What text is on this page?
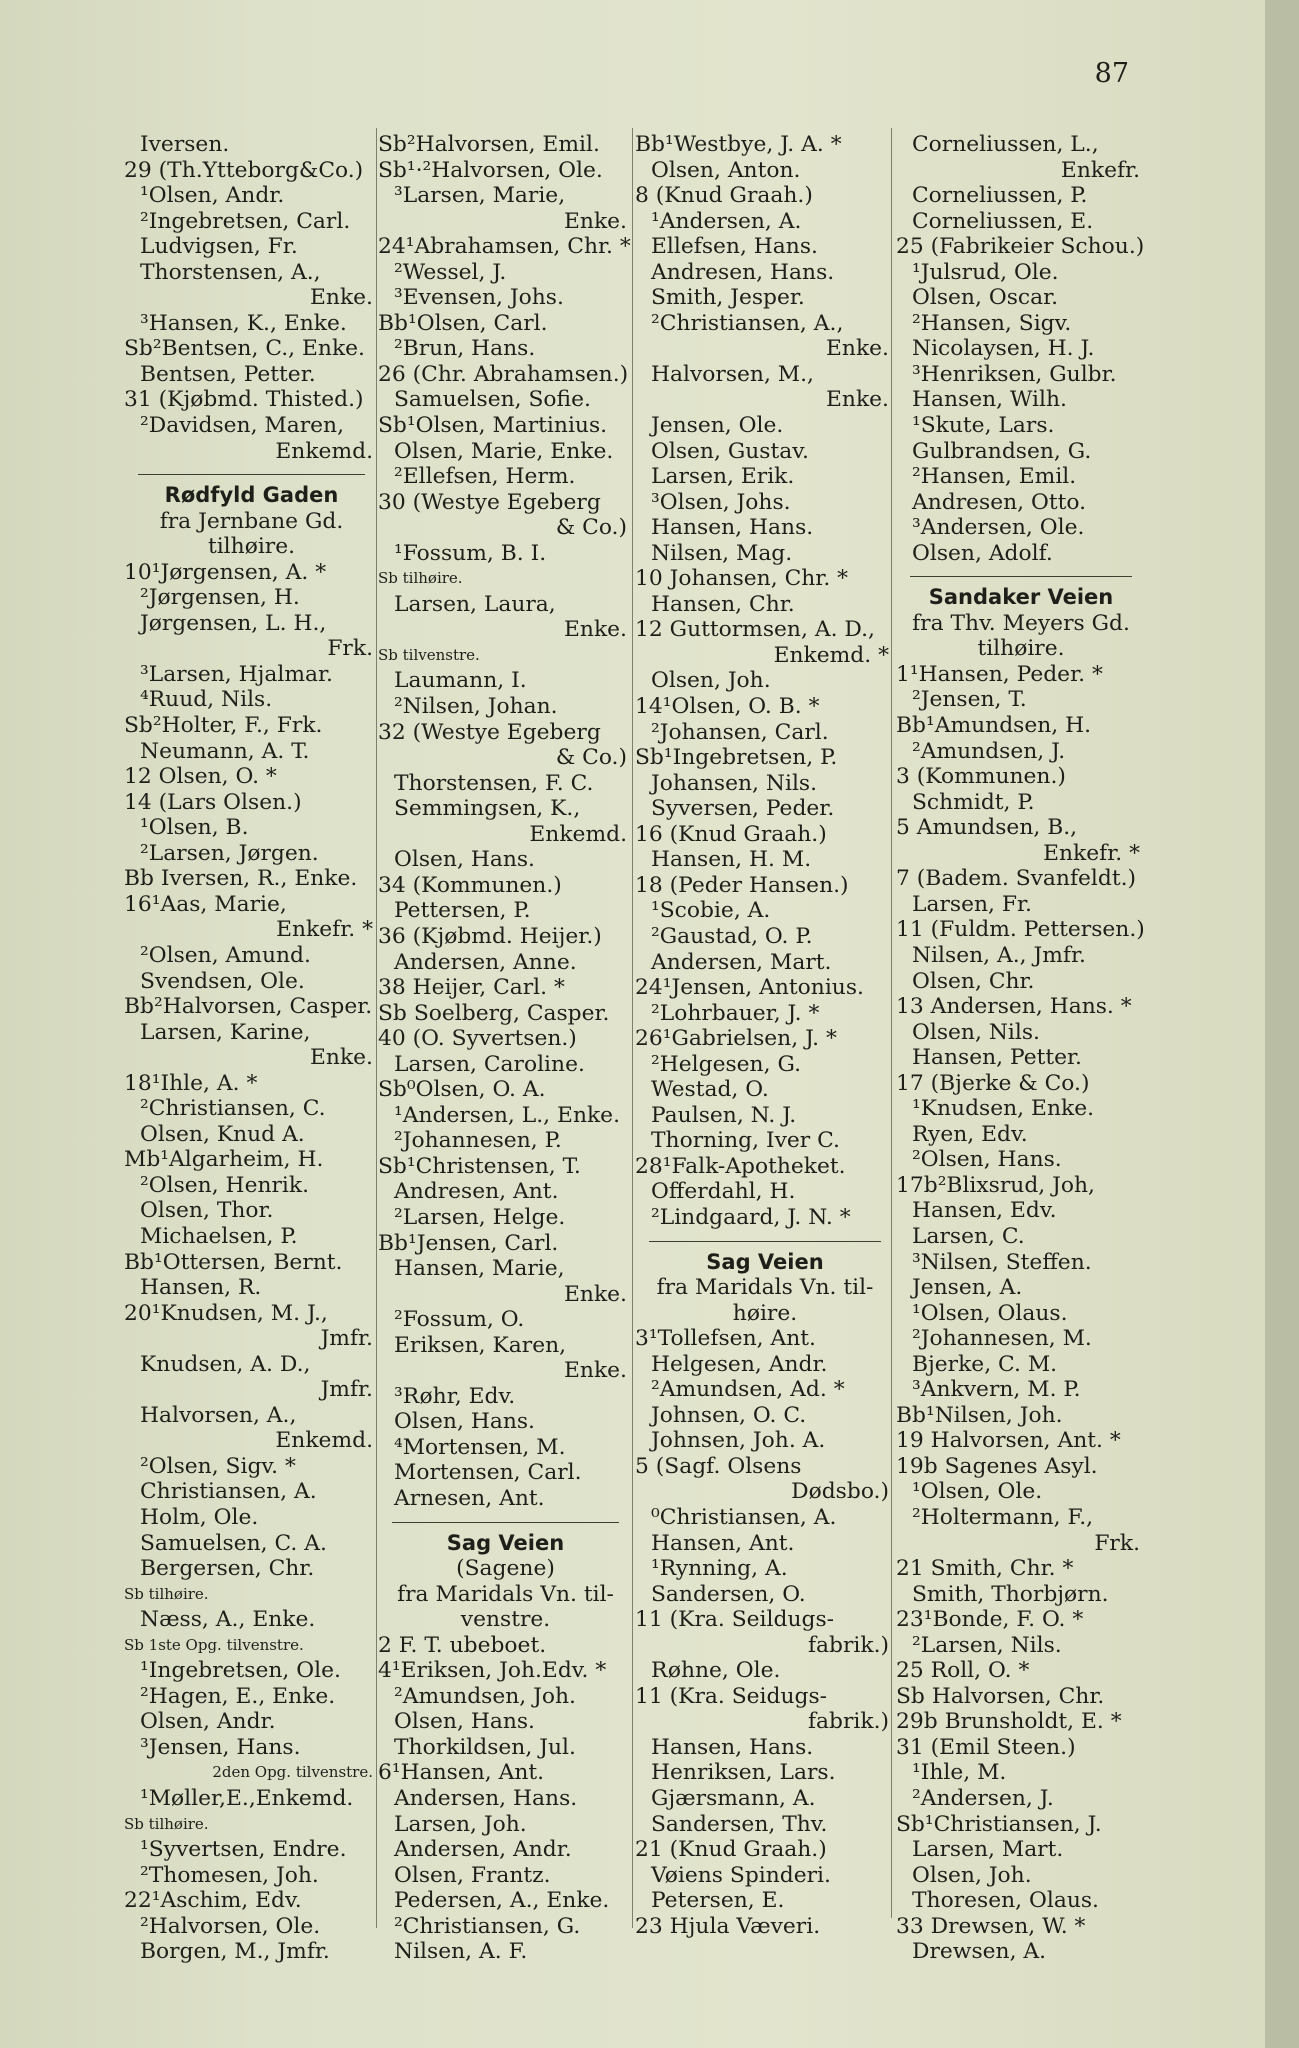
87
Iversen.
29 (Th.Ytteborg&Co.)
¹Olsen, Andr.
²Ingebretsen, Carl.
Ludvigsen, Fr.
Thorstensen, A.,
Enke.
³Hansen, K., Enke.
Sb²Bentsen, C., Enke.
Bentsen, Petter.
31 (Kjøbmd. Thisted.)
²Davidsen, Maren,
Enkemd.
Rødfyld Gaden
fra Jernbane Gd.
tilhøire.
10¹Jørgensen, A. *
²Jørgensen, H.
Jørgensen, L. H.,
Frk.
³Larsen, Hjalmar.
⁴Ruud, Nils.
Sb²Holter, F., Frk.
Neumann, A. T.
12 Olsen, O. *
14 (Lars Olsen.)
¹Olsen, B.
²Larsen, Jørgen.
Bb Iversen, R., Enke.
16¹Aas, Marie,
Enkefr. *
²Olsen, Amund.
Svendsen, Ole.
Bb²Halvorsen, Casper.
Larsen, Karine,
Enke.
18¹Ihle, A. *
²Christiansen, C.
Olsen, Knud A.
Mb¹Algarheim, H.
²Olsen, Henrik.
Olsen, Thor.
Michaelsen, P.
Bb¹Ottersen, Bernt.
Hansen, R.
20¹Knudsen, M. J.,
Jmfr.
Knudsen, A. D.,
Jmfr.
Halvorsen, A.,
Enkemd.
²Olsen, Sigv. *
Christiansen, A.
Holm, Ole.
Samuelsen, C. A.
Bergersen, Chr.
Sb tilhøire.
Næss, A., Enke.
Sb 1ste Opg. tilvenstre.
¹Ingebretsen, Ole.
²Hagen, E., Enke.
Olsen, Andr.
³Jensen, Hans.
2den Opg. tilvenstre.
¹Møller,E.,Enkemd.
Sb tilhøire.
¹Syvertsen, Endre.
²Thomesen, Joh.
22¹Aschim, Edv.
²Halvorsen, Ole.
Borgen, M., Jmfr.
Sb²Halvorsen, Emil.
Sb¹·²Halvorsen, Ole.
³Larsen, Marie,
Enke.
24¹Abrahamsen, Chr. *
²Wessel, J.
³Evensen, Johs.
Bb¹Olsen, Carl.
²Brun, Hans.
26 (Chr. Abrahamsen.)
Samuelsen, Sofie.
Sb¹Olsen, Martinius.
Olsen, Marie, Enke.
²Ellefsen, Herm.
30 (Westye Egeberg
& Co.)
¹Fossum, B. I.
Sb tilhøire.
Larsen, Laura,
Enke.
Sb tilvenstre.
Laumann, I.
²Nilsen, Johan.
32 (Westye Egeberg
& Co.)
Thorstensen, F. C.
Semmingsen, K.,
Enkemd.
Olsen, Hans.
34 (Kommunen.)
Pettersen, P.
36 (Kjøbmd. Heijer.)
Andersen, Anne.
38 Heijer, Carl. *
Sb Soelberg, Casper.
40 (O. Syvertsen.)
Larsen, Caroline.
Sb⁰Olsen, O. A.
¹Andersen, L., Enke.
²Johannesen, P.
Sb¹Christensen, T.
Andresen, Ant.
²Larsen, Helge.
Bb¹Jensen, Carl.
Hansen, Marie,
Enke.
²Fossum, O.
Eriksen, Karen,
Enke.
³Røhr, Edv.
Olsen, Hans.
⁴Mortensen, M.
Mortensen, Carl.
Arnesen, Ant.
Sag Veien
(Sagene)
fra Maridals Vn. til-
venstre.
2 F. T. ubeboet.
4¹Eriksen, Joh.Edv. *
²Amundsen, Joh.
Olsen, Hans.
Thorkildsen, Jul.
6¹Hansen, Ant.
Andersen, Hans.
Larsen, Joh.
Andersen, Andr.
Olsen, Frantz.
Pedersen, A., Enke.
²Christiansen, G.
Nilsen, A. F.
Bb¹Westbye, J. A. *
Olsen, Anton.
8 (Knud Graah.)
¹Andersen, A.
Ellefsen, Hans.
Andresen, Hans.
Smith, Jesper.
²Christiansen, A.,
Enke.
Halvorsen, M.,
Enke.
Jensen, Ole.
Olsen, Gustav.
Larsen, Erik.
³Olsen, Johs.
Hansen, Hans.
Nilsen, Mag.
10 Johansen, Chr. *
Hansen, Chr.
12 Guttormsen, A. D.,
Enkemd. *
Olsen, Joh.
14¹Olsen, O. B. *
²Johansen, Carl.
Sb¹Ingebretsen, P.
Johansen, Nils.
Syversen, Peder.
16 (Knud Graah.)
Hansen, H. M.
18 (Peder Hansen.)
¹Scobie, A.
²Gaustad, O. P.
Andersen, Mart.
24¹Jensen, Antonius.
²Lohrbauer, J. *
26¹Gabrielsen, J. *
²Helgesen, G.
Westad, O.
Paulsen, N. J.
Thorning, Iver C.
28¹Falk-Apotheket.
Offerdahl, H.
²Lindgaard, J. N. *
Sag Veien
fra Maridals Vn. til-
høire.
3¹Tollefsen, Ant.
Helgesen, Andr.
²Amundsen, Ad. *
Johnsen, O. C.
Johnsen, Joh. A.
5 (Sagf. Olsens
Dødsbo.)
⁰Christiansen, A.
Hansen, Ant.
¹Rynning, A.
Sandersen, O.
11 (Kra. Seildugs-
fabrik.)
Røhne, Ole.
11 (Kra. Seidugs-
fabrik.)
Hansen, Hans.
Henriksen, Lars.
Gjærsmann, A.
Sandersen, Thv.
21 (Knud Graah.)
Vøiens Spinderi.
Petersen, E.
23 Hjula Væveri.
Corneliussen, L.,
Enkefr.
Corneliussen, P.
Corneliussen, E.
25 (Fabrikeier Schou.)
¹Julsrud, Ole.
Olsen, Oscar.
²Hansen, Sigv.
Nicolaysen, H. J.
³Henriksen, Gulbr.
Hansen, Wilh.
¹Skute, Lars.
Gulbrandsen, G.
²Hansen, Emil.
Andresen, Otto.
³Andersen, Ole.
Olsen, Adolf.
Sandaker Veien
fra Thv. Meyers Gd.
tilhøire.
1¹Hansen, Peder. *
²Jensen, T.
Bb¹Amundsen, H.
²Amundsen, J.
3 (Kommunen.)
Schmidt, P.
5 Amundsen, B.,
Enkefr. *
7 (Badem. Svanfeldt.)
Larsen, Fr.
11 (Fuldm. Pettersen.)
Nilsen, A., Jmfr.
Olsen, Chr.
13 Andersen, Hans. *
Olsen, Nils.
Hansen, Petter.
17 (Bjerke & Co.)
¹Knudsen, Enke.
Ryen, Edv.
²Olsen, Hans.
17b²Blixsrud, Joh,
Hansen, Edv.
Larsen, C.
³Nilsen, Steffen.
Jensen, A.
¹Olsen, Olaus.
²Johannesen, M.
Bjerke, C. M.
³Ankvern, M. P.
Bb¹Nilsen, Joh.
19 Halvorsen, Ant. *
19b Sagenes Asyl.
¹Olsen, Ole.
²Holtermann, F.,
Frk.
21 Smith, Chr. *
Smith, Thorbjørn.
23¹Bonde, F. O. *
²Larsen, Nils.
25 Roll, O. *
Sb Halvorsen, Chr.
29b Brunsholdt, E. *
31 (Emil Steen.)
¹Ihle, M.
²Andersen, J.
Sb¹Christiansen, J.
Larsen, Mart.
Olsen, Joh.
Thoresen, Olaus.
33 Drewsen, W. *
Drewsen, A.
